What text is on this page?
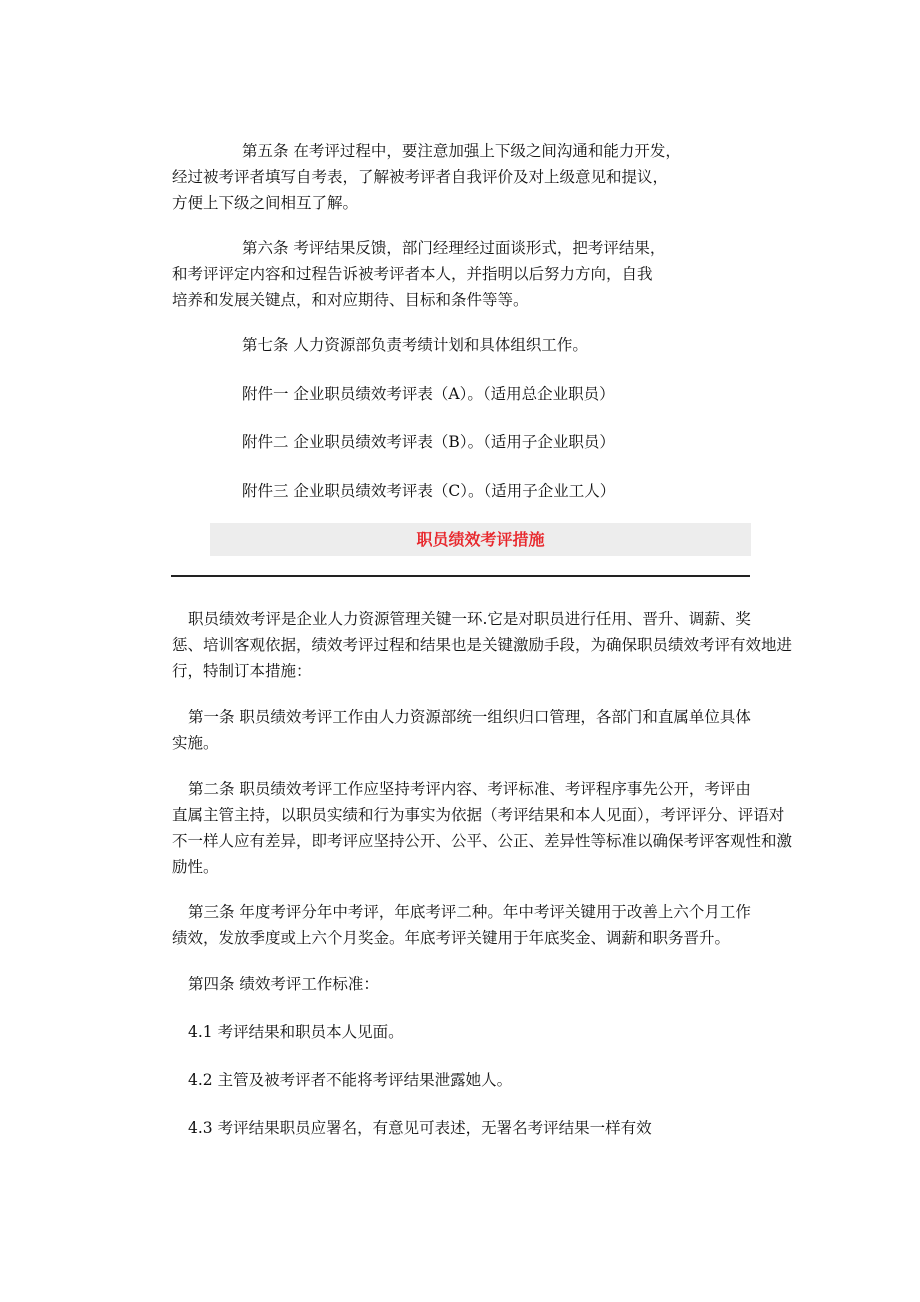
第五条 在考评过程中，要注意加强上下级之间沟通和能力开发，
经过被考评者填写自考表，了解被考评者自我评价及对上级意见和提议，
方便上下级之间相互了解。

第六条 考评结果反馈，部门经理经过面谈形式，把考评结果，
和考评评定内容和过程告诉被考评者本人，并指明以后努力方向，自我
培养和发展关键点，和对应期待、目标和条件等等。

第七条 人力资源部负责考绩计划和具体组织工作。

附件一 企业职员绩效考评表（A）。（适用总企业职员）

附件二 企业职员绩效考评表（B）。（适用子企业职员）

附件三 企业职员绩效考评表（C）。（适用子企业工人）

职员绩效考评措施

职员绩效考评是企业人力资源管理关键一环.它是对职员进行任用、晋升、调薪、奖
惩、培训客观依据，绩效考评过程和结果也是关键激励手段，为确保职员绩效考评有效地进
行，特制订本措施：

第一条 职员绩效考评工作由人力资源部统一组织归口管理，各部门和直属单位具体
实施。

第二条 职员绩效考评工作应坚持考评内容、考评标准、考评程序事先公开，考评由
直属主管主持，以职员实绩和行为事实为依据（考评结果和本人见面），考评评分、评语对
不一样人应有差异，即考评应坚持公开、公平、公正、差异性等标准以确保考评客观性和激
励性。

第三条 年度考评分年中考评，年底考评二种。年中考评关键用于改善上六个月工作
绩效，发放季度或上六个月奖金。年底考评关键用于年底奖金、调薪和职务晋升。

第四条 绩效考评工作标准：

4.1 考评结果和职员本人见面。

4.2 主管及被考评者不能将考评结果泄露她人。

4.3 考评结果职员应署名，有意见可表述，无署名考评结果一样有效
